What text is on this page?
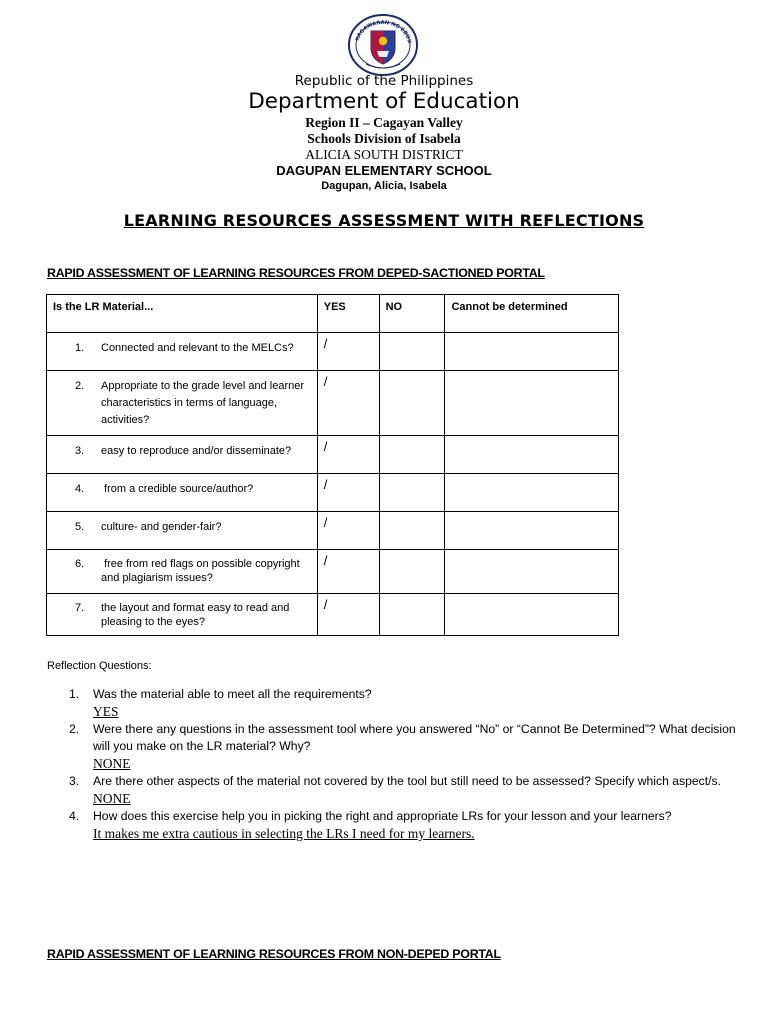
KAGAWARAN NG EDUK
Republic of the Philippines
Department of Education
Region II – Cagayan Valley
Schools Division of Isabela
ALICIA SOUTH DISTRICT
DAGUPAN ELEMENTARY SCHOOL
Dagupan, Alicia, Isabela
LEARNING RESOURCES ASSESSMENT WITH REFLECTIONS
RAPID ASSESSMENT OF LEARNING RESOURCES FROM DEPED-SACTIONED PORTAL
Is the LR Material...	YES	NO	Cannot be determined

1. Connected and relevant to the MELCs?	/		

2. Appropriate to the grade level and learner characteristics in terms of language, activities?	/		

3. easy to reproduce and/or disseminate?	/		

4. from a credible source/author?	/		

5. culture- and gender-fair?	/		

6. free from red flags on possible copyright and plagiarism issues?	/		

7. the layout and format easy to read and pleasing to the eyes?	/		

Reflection Questions:
1.	Was the material able to meet all the requirements?
YES
2.	Were there any questions in the assessment tool where you answered “No” or “Cannot Be Determined”? What decision will you make on the LR material? Why?
NONE
3.	Are there other aspects of the material not covered by the tool but still need to be assessed? Specify which aspect/s.
NONE
4.	How does this exercise help you in picking the right and appropriate LRs for your lesson and your learners?
It makes me extra cautious in selecting the LRs I need for my learners.
RAPID ASSESSMENT OF LEARNING RESOURCES FROM NON-DEPED PORTAL
